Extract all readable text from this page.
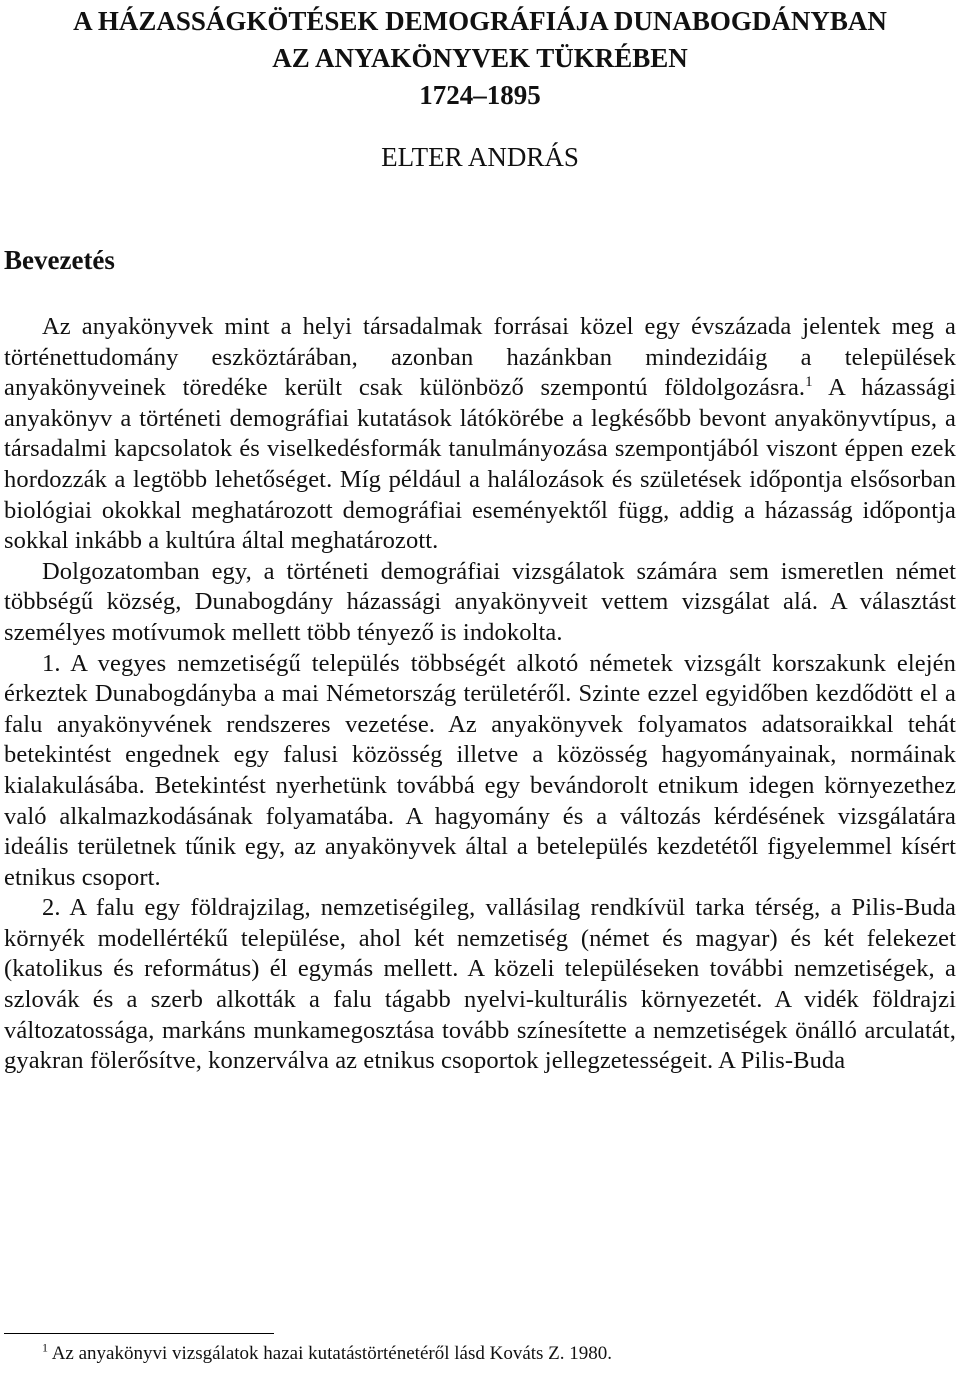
A HÁZASSÁGKÖTÉSEK DEMOGRÁFIÁJA DUNABOGDÁNYBAN
AZ ANYAKÖNYVEK TÜKRÉBEN
1724–1895

ELTER ANDRÁS

Bevezetés

Az anyakönyvek mint a helyi társadalmak forrásai közel egy évszázada jelentek meg a történettudomány eszköztárában, azonban hazánkban mindezidáig a települések anyakönyveinek töredéke került csak különböző szempontú földolgozásra.$^1$ A házassági anyakönyv a történeti demográfiai kutatások látókörébe a legkésőbb bevont anyakönyvtípus, a társadalmi kapcsolatok és viselkedésformák tanulmányozása szempontjából viszont éppen ezek hordozzák a legtöbb lehetőséget. Míg például a halálozások és születések időpontja elsősorban biológiai okokkal meghatározott demográfiai eseményektől függ, addig a házasság időpontja sokkal inkább a kultúra által meghatározott.

Dolgozatomban egy, a történeti demográfiai vizsgálatok számára sem ismeretlen német többségű község, Dunabogdány házassági anyakönyveit vettem vizsgálat alá. A választást személyes motívumok mellett több tényező is indokolta.

1. A vegyes nemzetiségű település többségét alkotó németek vizsgált korszakunk elején érkeztek Dunabogdányba a mai Németország területéről. Szinte ezzel egyidőben kezdődött el a falu anyakönyvének rendszeres vezetése. Az anyakönyvek folyamatos adatsoraikkal tehát betekintést engednek egy falusi közösség illetve a közösség hagyományainak, normáinak kialakulásába. Betekintést nyerhetünk továbbá egy bevándorolt etnikum idegen környezethez való alkalmazkodásának folyamatába. A hagyomány és a változás kérdésének vizsgálatára ideális területnek tűnik egy, az anyakönyvek által a betelepülés kezdetétől figyelemmel kísért etnikus csoport.

2. A falu egy földrajzilag, nemzetiségileg, vallásilag rendkívül tarka térség, a Pilis-Buda környék modellértékű települése, ahol két nemzetiség (német és magyar) és két felekezet (katolikus és református) él egymás mellett. A közeli településeken további nemzetiségek, a szlovák és a szerb alkották a falu tágabb nyelvi-kulturális környezetét. A vidék földrajzi változatossága, markáns munkamegosztása tovább színesítette a nemzetiségek önálló arculatát, gyakran fölerősítve, konzerválva az etnikus csoportok jellegzetességeit. A Pilis-Buda

$^1$ Az anyakönyvi vizsgálatok hazai kutatástörténetéről lásd Kováts Z. 1980.
